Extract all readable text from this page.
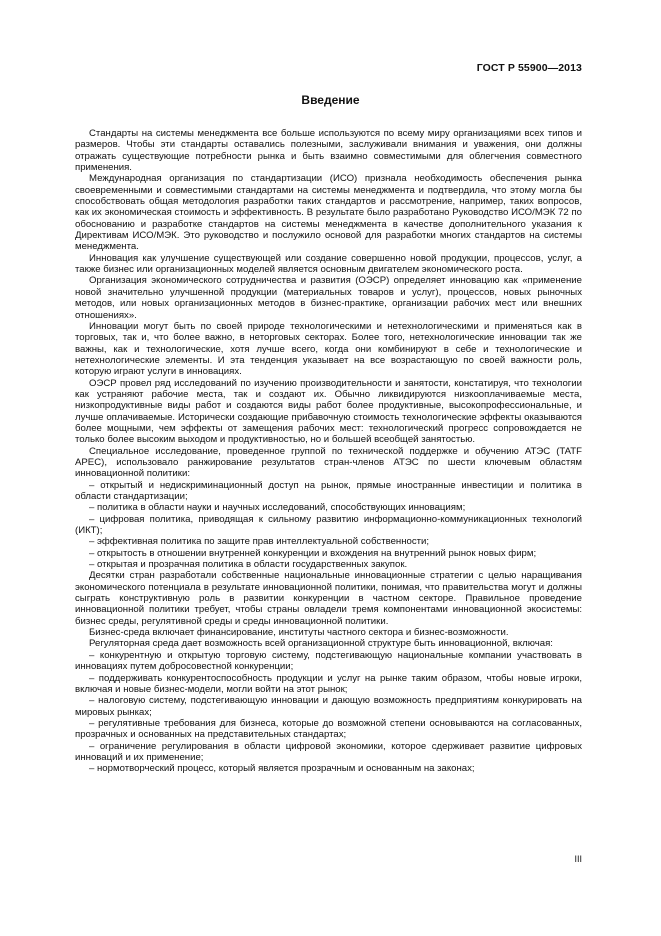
ГОСТ Р 55900—2013
Введение

Стандарты на системы менеджмента все больше используются по всему миру организациями всех типов и размеров. Чтобы эти стандарты оставались полезными, заслуживали внимания и уважения, они должны отражать существующие потребности рынка и быть взаимно совместимыми для облегчения совместного применения.

Международная организация по стандартизации (ИСО) признала необходимость обеспечения рынка своевременными и совместимыми стандартами на системы менеджмента и подтвердила, что этому могла бы способствовать общая методология разработки таких стандартов и рассмотрение, например, таких вопросов, как их экономическая стоимость и эффективность. В результате было разработано Руководство ИСО/МЭК 72 по обоснованию и разработке стандартов на системы менеджмента в качестве дополнительного указания к Директивам ИСО/МЭК. Это руководство и послужило основой для разработки многих стандартов на системы менеджмента.

Инновация как улучшение существующей или создание совершенно новой продукции, процессов, услуг, а также бизнес или организационных моделей является основным двигателем экономического роста.

Организация экономического сотрудничества и развития (ОЭСР) определяет инновацию как «применение новой значительно улучшенной продукции (материальных товаров и услуг), процессов, новых рыночных методов, или новых организационных методов в бизнес-практике, организации рабочих мест или внешних отношениях».

Инновации могут быть по своей природе технологическими и нетехнологическими и применяться как в торговых, так и, что более важно, в неторговых секторах. Более того, нетехнологические инновации так же важны, как и технологические, хотя лучше всего, когда они комбинируют в себе и технологические и нетехнологические элементы. И эта тенденция указывает на все возрастающую по своей важности роль, которую играют услуги в инновациях.

ОЭСР провел ряд исследований по изучению производительности и занятости, констатируя, что технологии как устраняют рабочие места, так и создают их. Обычно ликвидируются низкооплачиваемые места, низкопродуктивные виды работ и создаются виды работ более продуктивные, высокопрофессиональные, и лучше оплачиваемые. Исторически создающие прибавочную стоимость технологические эффекты оказываются более мощными, чем эффекты от замещения рабочих мест: технологический прогресс сопровождается не только более высоким выходом и продуктивностью, но и большей всеобщей занятостью.

Специальное исследование, проведенное группой по технической поддержке и обучению АТЭС (TATF APEC), использовало ранжирование результатов стран-членов АТЭС по шести ключевым областям инновационной политики:

– открытый и недискриминационный доступ на рынок, прямые иностранные инвестиции и политика в области стандартизации;

– политика в области науки и научных исследований, способствующих инновациям;

– цифровая политика, приводящая к сильному развитию информационно-коммуникационных технологий (ИКТ);

– эффективная политика по защите прав интеллектуальной собственности;

– открытость в отношении внутренней конкуренции и вхождения на внутренний рынок новых фирм;

– открытая и прозрачная политика в области государственных закупок.

Десятки стран разработали собственные национальные инновационные стратегии с целью наращивания экономического потенциала в результате инновационной политики, понимая, что правительства могут и должны сыграть конструктивную роль в развитии конкуренции в частном секторе. Правильное проведение инновационной политики требует, чтобы страны овладели тремя компонентами инновационной экосистемы: бизнес среды, регулятивной среды и среды инновационной политики.

Бизнес-среда включает финансирование, институты частного сектора и бизнес-возможности.

Регуляторная среда дает возможность всей организационной структуре быть инновационной, включая:

– конкурентную и открытую торговую систему, подстегивающую национальные компании участвовать в инновациях путем добросовестной конкуренции;

– поддерживать конкурентоспособность продукции и услуг на рынке таким образом, чтобы новые игроки, включая и новые бизнес-модели, могли войти на этот рынок;

– налоговую систему, подстегивающую инновации и дающую возможность предприятиям конкурировать на мировых рынках;

– регулятивные требования для бизнеса, которые до возможной степени основываются на согласованных, прозрачных и основанных на представительных стандартах;

– ограничение регулирования в области цифровой экономики, которое сдерживает развитие цифровых инноваций и их применение;

– нормотворческий процесс, который является прозрачным и основанным на законах;

III
